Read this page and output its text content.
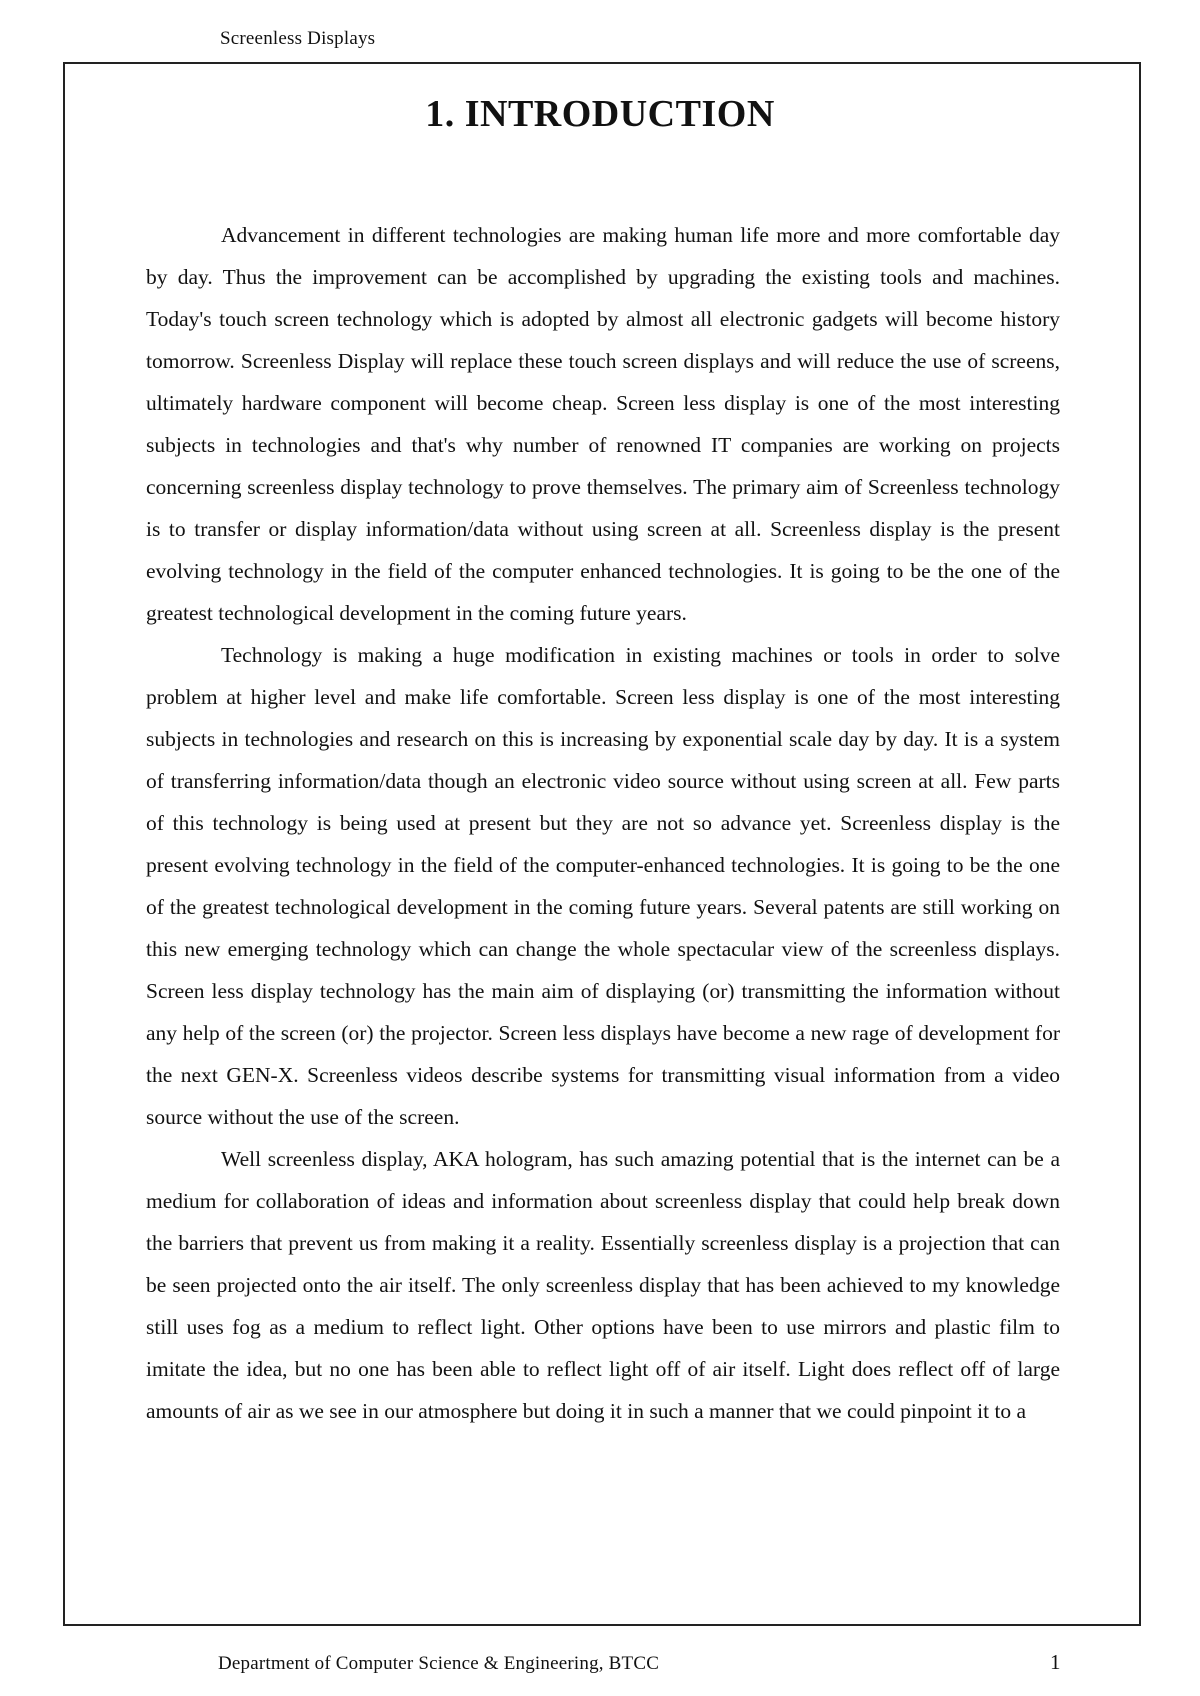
Screenless Displays
1. INTRODUCTION

Advancement in different technologies are making human life more and more comfortable day by day. Thus the improvement can be accomplished by upgrading the existing tools and machines. Today's touch screen technology which is adopted by almost all electronic gadgets will become history tomorrow. Screenless Display will replace these touch screen displays and will reduce the use of screens, ultimately hardware component will become cheap. Screen less display is one of the most interesting subjects in technologies and that's why number of renowned IT companies are working on projects concerning screenless display technology to prove themselves. The primary aim of Screenless technology is to transfer or display information/data without using screen at all. Screenless display is the present evolving technology in the field of the computer enhanced technologies. It is going to be the one of the greatest technological development in the coming future years.

Technology is making a huge modification in existing machines or tools in order to solve problem at higher level and make life comfortable. Screen less display is one of the most interesting subjects in technologies and research on this is increasing by exponential scale day by day. It is a system of transferring information/data though an electronic video source without using screen at all. Few parts of this technology is being used at present but they are not so advance yet. Screenless display is the present evolving technology in the field of the computer-enhanced technologies. It is going to be the one of the greatest technological development in the coming future years. Several patents are still working on this new emerging technology which can change the whole spectacular view of the screenless displays. Screen less display technology has the main aim of displaying (or) transmitting the information without any help of the screen (or) the projector. Screen less displays have become a new rage of development for the next GEN-X. Screenless videos describe systems for transmitting visual information from a video source without the use of the screen.

Well screenless display, AKA hologram, has such amazing potential that is the internet can be a medium for collaboration of ideas and information about screenless display that could help break down the barriers that prevent us from making it a reality. Essentially screenless display is a projection that can be seen projected onto the air itself. The only screenless display that has been achieved to my knowledge still uses fog as a medium to reflect light. Other options have been to use mirrors and plastic film to imitate the idea, but no one has been able to reflect light off of air itself. Light does reflect off of large amounts of air as we see in our atmosphere but doing it in such a manner that we could pinpoint it to a

Department of Computer Science & Engineering, BTCC	1
